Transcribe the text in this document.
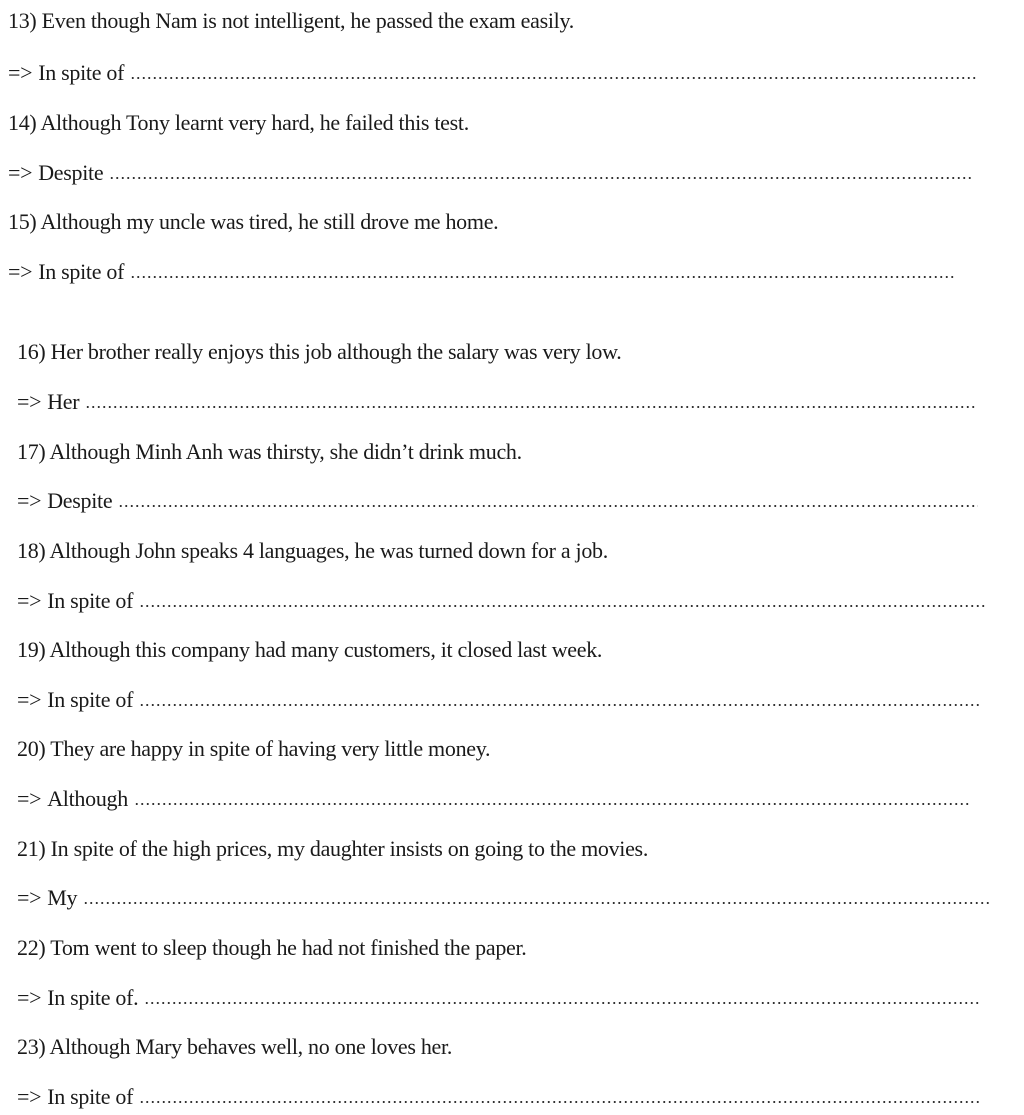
13) Even though Nam is not intelligent, he passed the exam easily.
=> In spite of
14) Although Tony learnt very hard, he failed this test.
=> Despite
15) Although my uncle was tired, he still drove me home.
=> In spite of
16) Her brother really enjoys this job although the salary was very low.
=> Her
17) Although Minh Anh was thirsty, she didn’t drink much.
=> Despite
18) Although John speaks 4 languages, he was turned down for a job.
=> In spite of
19) Although this company had many customers, it closed last week.
=> In spite of
20) They are happy in spite of having very little money.
=> Although
21) In spite of the high prices, my daughter insists on going to the movies.
=> My
22) Tom went to sleep though he had not finished the paper.
=> In spite of.
23) Although Mary behaves well, no one loves her.
=> In spite of
